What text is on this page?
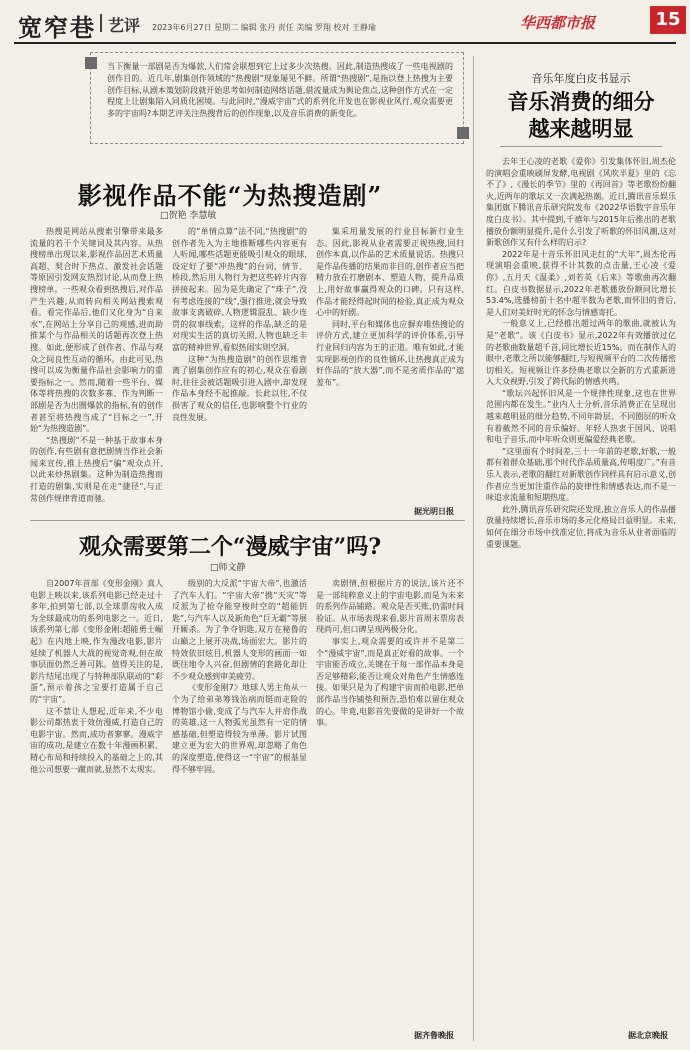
宽窄巷 艺评 2023年6月27日 星期二 编辑 张丹 责任 美编 罗翔 校对 王静瑜	华西都市报	15
当下衡量一部剧是否为爆款,人们常会联想到它上过多少次热搜。因此,制造热搜成了一些电视剧的创作目的。近几年,剧集创作领域的“热搜剧”现象屡见不鲜。所谓“热搜剧”,是指以登上热搜为主要创作目标,从剧本策划阶段就开始思考如何制造网络话题,借流量成为舆论焦点,这种创作方式在一定程度上让剧集陷入同质化困境。与此同时,“漫威宇宙”式的系列化开发也在影视业风行,观众需要更多的宇宙吗?本期艺评关注热搜背后的创作现象,以及音乐消费的新变化。
影视作品不能“为热搜造剧”
□贺艳 李慧敏

热搜是网站从搜索引擎带来最多流量的若干个关键词及其内容。从热搜榜单出现以来,影视作品因艺术质量高超、契合时下热点、激发社会话题等原因引发网友热烈讨论,从而登上热搜榜单。一些观众看到热搜后,对作品产生兴趣,从而转向相关网站搜索观看。看完作品后,他们又化身为“自来水”,在网站上分享自己的观感,进而助推某个与作品相关的话题再次登上热搜。如此,便形成了创作者、作品与观众之间良性互动的循环。由此可见,热搜可以成为衡量作品社会影响力的重要指标之一。然而,随着一些平台、媒体等将热搜的次数多寡、作为判断一部剧是否为出圈爆款的指标,有的创作者甚至将热搜当成了“目标之一”,开始“为热搜造剧”。

“热搜剧”不是一种基于故事本身的创作,有些剧有意把剧情当作社会新闻来宣传,推上热搜后“骗”观众点开,以此来炒热剧集。这种为制造热搜而打造的剧集,实则是在走“捷径”,与正常创作规律背道而驰。

的“单情点算”法不同,“热搜剧”的创作者先入为主地推断哪些内容更有人听闻,哪些话题更能吸引观众的眼球,设定好了要“冲热搜”的台词、情节、桥段,然后用人物行为把这些碎片内容拼接起来。因为是先确定了“珠子”,没有考虑连接的“线”,强行推进,就会导致故事支离破碎,人物逻辑混乱、缺少连贯的叙事线索。这样的作品,缺乏的是对现实生活的真切关照,人物也缺乏丰富的精神世界,看似热闹实则空洞。

这种“为热搜造剧”的创作思维背离了剧集创作应有的初心,观众在看剧时,往往会被话题吸引进入剧中,却发现作品本身经不起推敲。长此以往,不仅损害了观众的信任,也影响整个行业的良性发展。

集采用量发展的行业目标新行业生态。因此,影视从业者需要正视热搜,回归创作本真,以作品的艺术质量说话。热搜只是作品传播的结果而非目的,创作者应当把精力放在打磨剧本、塑造人物、提升品质上,用好故事赢得观众的口碑。只有这样,作品才能经得起时间的检验,真正成为观众心中的好剧。

同时,平台和媒体也应摒弃唯热搜论的评价方式,建立更加科学的评价体系,引导行业回归内容为王的正道。唯有如此,才能实现影视创作的良性循环,让热搜真正成为好作品的“放大器”,而不是劣质作品的“遮羞布”。

据光明日报
观众需要第二个“漫威宇宙”吗?
□师文静

自2007年首部《变形金刚》真人电影上映以来,该系列电影已经走过十多年,拍到第七部,以全球票房收入成为全球最成功的系列电影之一。近日,该系列第七部《变形金刚:超能勇士崛起》在内地上映,作为漫改电影,影片延续了机器人大战的视觉奇观,但在故事层面仍然乏善可陈。值得关注的是,影片结尾出现了与特种部队联动的“彩蛋”,预示着孩之宝要打造属于自己的“宇宙”。

这不禁让人想起,近年来,不少电影公司都热衷于效仿漫威,打造自己的电影宇宙。然而,成功者寥寥。漫威宇宙的成功,是建立在数十年漫画积累、精心布局和持续投入的基础之上的,其他公司想要一蹴而就,显然不太现实。

级别的大反派“宇宙大帝”,也激活了汽车人们。“宇宙大帝”携“天灾”等反派为了抢夺能穿梭时空的“超能钥匙”,与汽车人以及新角色“巨无霸”等展开厮杀。为了争夺钥匙,双方在秘鲁的山巅之上展开决战,场面宏大。影片的特效依旧炫目,机器人变形的画面一如既往地令人兴奋,但剧情的套路化却让不少观众感到审美疲劳。

《变形金刚7》地球人男主角从一个为了给弟弟筹钱治病而铤而走险的博物馆小偷,变成了与汽车人并肩作战的英雄,这一人物弧光虽然有一定的情感基础,但塑造得较为单薄。影片试图建立更为宏大的世界观,却忽略了角色的深度塑造,使得这一“宇宙”的根基显得不够牢固。

卖剧情,但根据片方的说法,该片还不是一部纯粹意义上的宇宙电影,而是为未来的系列作品铺路。观众是否买账,仍需时间验证。从市场表现来看,影片首周末票房表现尚可,但口碑呈现两极分化。

事实上,观众需要的或许并不是第二个“漫威宇宙”,而是真正好看的故事。一个宇宙能否成立,关键在于每一部作品本身是否足够精彩,能否让观众对角色产生情感连接。如果只是为了构建宇宙而拍电影,把单部作品当作铺垫和预告,恐怕难以留住观众的心。毕竟,电影首先要做的是讲好一个故事。

据齐鲁晚报
音乐年度白皮书显示
音乐消费的细分
越来越明显

去年王心凌的老歌《爱你》引发集体怀旧,周杰伦的演唱会重映刷屏发酵,电视剧《风吹半夏》里的《忘不了》,《漫长的季节》里的《再回首》等老歌纷纷翻火,近两年的歌坛又一次满起热潮。近日,腾讯音乐娱乐集团旗下腾讯音乐研究院发布《2022华语数字音乐年度白皮书》。其中提到,千禧年与2015年后推出的老歌播放份额明显提升,是什么引发了听歌的怀旧风潮,这对新歌创作又有什么样的启示?

2022年是十音乐怀旧风走红的“大年”,周杰伦再现演唱会重映,获得不计其数的点击量,王心凌《爱你》,五月天《温柔》,刘若英《后来》等歌曲再次翻红。白皮书数据显示,2022年老歌播放份额同比增长53.4%,选播榜前十名中超半数为老歌,而怀旧的背后,是人们对美好时光的怀念与情感寄托。

一般意义上,已经推出超过两年的歌曲,就被认为是“老歌”。该《白皮书》显示,2022年有效播放过亿的老歌曲数量超千首,同比增长近15%。而在制作人的眼中,老歌之所以能够翻红,与短视频平台的二次传播密切相关。短视频让许多经典老歌以全新的方式重新进入大众视野,引发了跨代际的情感共鸣。

“歌坛兴起怀旧风是一个规律性现象,这也在世界范围内都在发生。”业内人士分析,音乐消费正在呈现出越来越明显的细分趋势,不同年龄层、不同圈层的听众有着截然不同的音乐偏好。年轻人热衷于国风、说唱和电子音乐,而中年听众则更偏爱经典老歌。

“这里面有个时间差,三十一年前的老歌,好歌,一般都有着群众基础,那个时代作品质量高,传唱度广。”有音乐人表示,老歌的翻红对新歌创作同样具有启示意义,创作者应当更加注重作品的旋律性和情感表达,而不是一味追求流量和短期热度。

此外,腾讯音乐研究院还发现,独立音乐人的作品播放量持续增长,音乐市场的多元化格局日益明显。未来,如何在细分市场中找准定位,将成为音乐从业者面临的重要课题。

据北京晚报
